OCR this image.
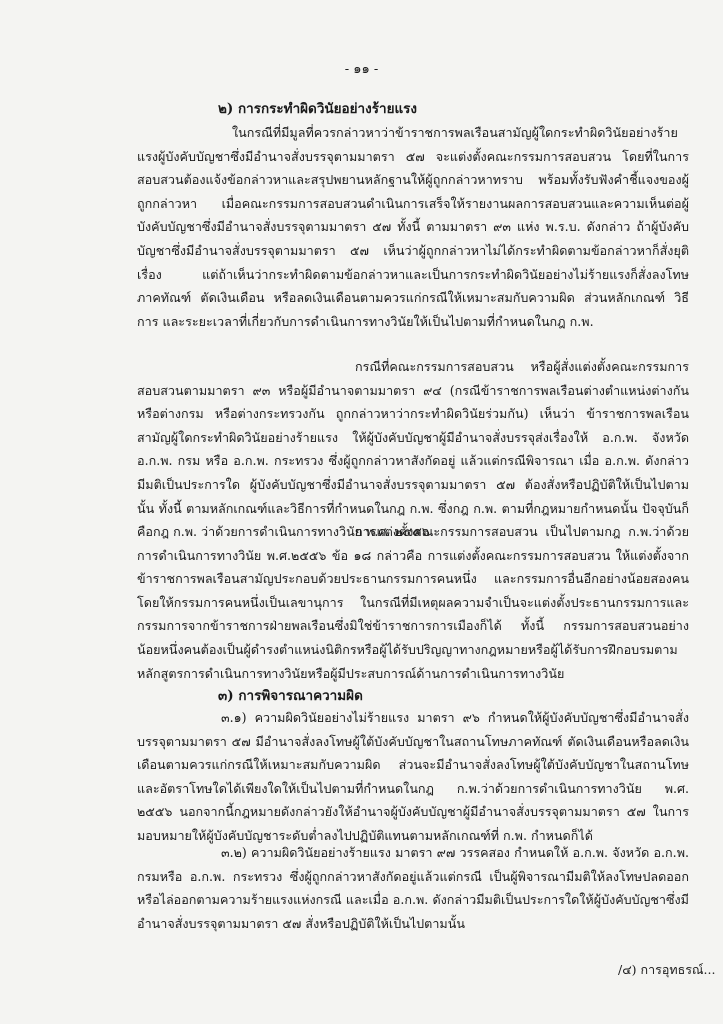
- ๑๑ -
๒) การกระทำผิดวินัยอย่างร้ายแรง

ในกรณีที่มีมูลที่ควรกล่าวหาว่าข้าราชการพลเรือนสามัญผู้ใดกระทำผิดวินัยอย่างร้ายแรงผู้บังคับบัญชาซึ่งมีอำนาจสั่งบรรจุตามมาตรา ๕๗ จะแต่งตั้งคณะกรรมการสอบสวน โดยที่ในการสอบสวนต้องแจ้งข้อกล่าวหาและสรุปพยานหลักฐานให้ผู้ถูกกล่าวหาทราบ พร้อมทั้งรับฟังคำชี้แจงของผู้ถูกกล่าวหา เมื่อคณะกรรมการสอบสวนดำเนินการเสร็จให้รายงานผลการสอบสวนและความเห็นต่อผู้บังคับบัญชาซึ่งมีอำนาจสั่งบรรจุตามมาตรา ๕๗ ทั้งนี้ ตามมาตรา ๙๓ แห่ง พ.ร.บ. ดังกล่าว ถ้าผู้บังคับบัญชาซึ่งมีอำนาจสั่งบรรจุตามมาตรา ๕๗ เห็นว่าผู้ถูกกล่าวหาไม่ได้กระทำผิดตามข้อกล่าวหาก็สั่งยุติเรื่อง แต่ถ้าเห็นว่ากระทำผิดตามข้อกล่าวหาและเป็นการกระทำผิดวินัยอย่างไม่ร้ายแรงก็สั่งลงโทษภาคทัณฑ์ ตัดเงินเดือน หรือลดเงินเดือนตามควรแก่กรณีให้เหมาะสมกับความผิด ส่วนหลักเกณฑ์ วิธีการ และระยะเวลาที่เกี่ยวกับการดำเนินการทางวินัยให้เป็นไปตามที่กำหนดในกฎ ก.พ.

กรณีที่คณะกรรมการสอบสวน หรือผู้สั่งแต่งตั้งคณะกรรมการสอบสวนตามมาตรา ๙๓ หรือผู้มีอำนาจตามมาตรา ๙๔ (กรณีข้าราชการพลเรือนต่างตำแหน่งต่างกัน หรือต่างกรม หรือต่างกระทรวงกัน ถูกกล่าวหาว่ากระทำผิดวินัยร่วมกัน) เห็นว่า ข้าราชการพลเรือนสามัญผู้ใดกระทำผิดวินัยอย่างร้ายแรง ให้ผู้บังคับบัญชาผู้มีอำนาจสั่งบรรจุส่งเรื่องให้ อ.ก.พ. จังหวัด อ.ก.พ. กรม หรือ อ.ก.พ. กระทรวง ซึ่งผู้ถูกกล่าวหาสังกัดอยู่ แล้วแต่กรณีพิจารณา เมื่อ อ.ก.พ. ดังกล่าว มีมติเป็นประการใด ผู้บังคับบัญชาซึ่งมีอำนาจสั่งบรรจุตามมาตรา ๕๗ ต้องสั่งหรือปฏิบัติให้เป็นไปตามนั้น ทั้งนี้ ตามหลักเกณฑ์และวิธีการที่กำหนดในกฎ ก.พ. ซึ่งกฎ ก.พ. ตามที่กฎหมายกำหนดนั้น ปัจจุบันก็คือกฎ ก.พ. ว่าด้วยการดำเนินการทางวินัย พ.ศ. ๒๕๕๖

การแต่งตั้งคณะกรรมการสอบสวน เป็นไปตามกฎ ก.พ.ว่าด้วยการดำเนินการทางวินัย พ.ศ.๒๕๕๖ ข้อ ๑๘ กล่าวคือ การแต่งตั้งคณะกรรมการสอบสวน ให้แต่งตั้งจากข้าราชการพลเรือนสามัญประกอบด้วยประธานกรรมการคนหนึ่ง และกรรมการอื่นอีกอย่างน้อยสองคน โดยให้กรรมการคนหนึ่งเป็นเลขานุการ ในกรณีที่มีเหตุผลความจำเป็นจะแต่งตั้งประธานกรรมการและกรรมการจากข้าราชการฝ่ายพลเรือนซึ่งมิใช่ข้าราชการการเมืองก็ได้ ทั้งนี้ กรรมการสอบสวนอย่างน้อยหนึ่งคนต้องเป็นผู้ดำรงตำแหน่งนิติกรหรือผู้ได้รับปริญญาทางกฎหมายหรือผู้ได้รับการฝึกอบรมตามหลักสูตรการดำเนินการทางวินัยหรือผู้มีประสบการณ์ด้านการดำเนินการทางวินัย

๓) การพิจารณาความผิด

๓.๑) ความผิดวินัยอย่างไม่ร้ายแรง มาตรา ๙๖ กำหนดให้ผู้บังคับบัญชาซึ่งมีอำนาจสั่งบรรจุตามมาตรา ๕๗ มีอำนาจสั่งลงโทษผู้ใต้บังคับบัญชาในสถานโทษภาคทัณฑ์ ตัดเงินเดือนหรือลดเงินเดือนตามควรแก่กรณีให้เหมาะสมกับความผิด ส่วนจะมีอำนาจสั่งลงโทษผู้ใต้บังคับบัญชาในสถานโทษและอัตราโทษใดได้เพียงใดให้เป็นไปตามที่กำหนดในกฎ ก.พ.ว่าด้วยการดำเนินการทางวินัย พ.ศ. ๒๕๕๖ นอกจากนี้กฎหมายดังกล่าวยังให้อำนาจผู้บังคับบัญชาผู้มีอำนาจสั่งบรรจุตามมาตรา ๕๗ ในการมอบหมายให้ผู้บังคับบัญชาระดับต่ำลงไปปฏิบัติแทนตามหลักเกณฑ์ที่ ก.พ. กำหนดก็ได้

๓.๒) ความผิดวินัยอย่างร้ายแรง มาตรา ๙๗ วรรคสอง กำหนดให้ อ.ก.พ. จังหวัด อ.ก.พ. กรมหรือ อ.ก.พ. กระทรวง ซึ่งผู้ถูกกล่าวหาสังกัดอยู่แล้วแต่กรณี เป็นผู้พิจารณามีมติให้ลงโทษปลดออกหรือไล่ออกตามความร้ายแรงแห่งกรณี และเมื่อ อ.ก.พ. ดังกล่าวมีมติเป็นประการใดให้ผู้บังคับบัญชาซึ่งมีอำนาจสั่งบรรจุตามมาตรา ๕๗ สั่งหรือปฏิบัติให้เป็นไปตามนั้น

/๔) การอุทธรณ์...
